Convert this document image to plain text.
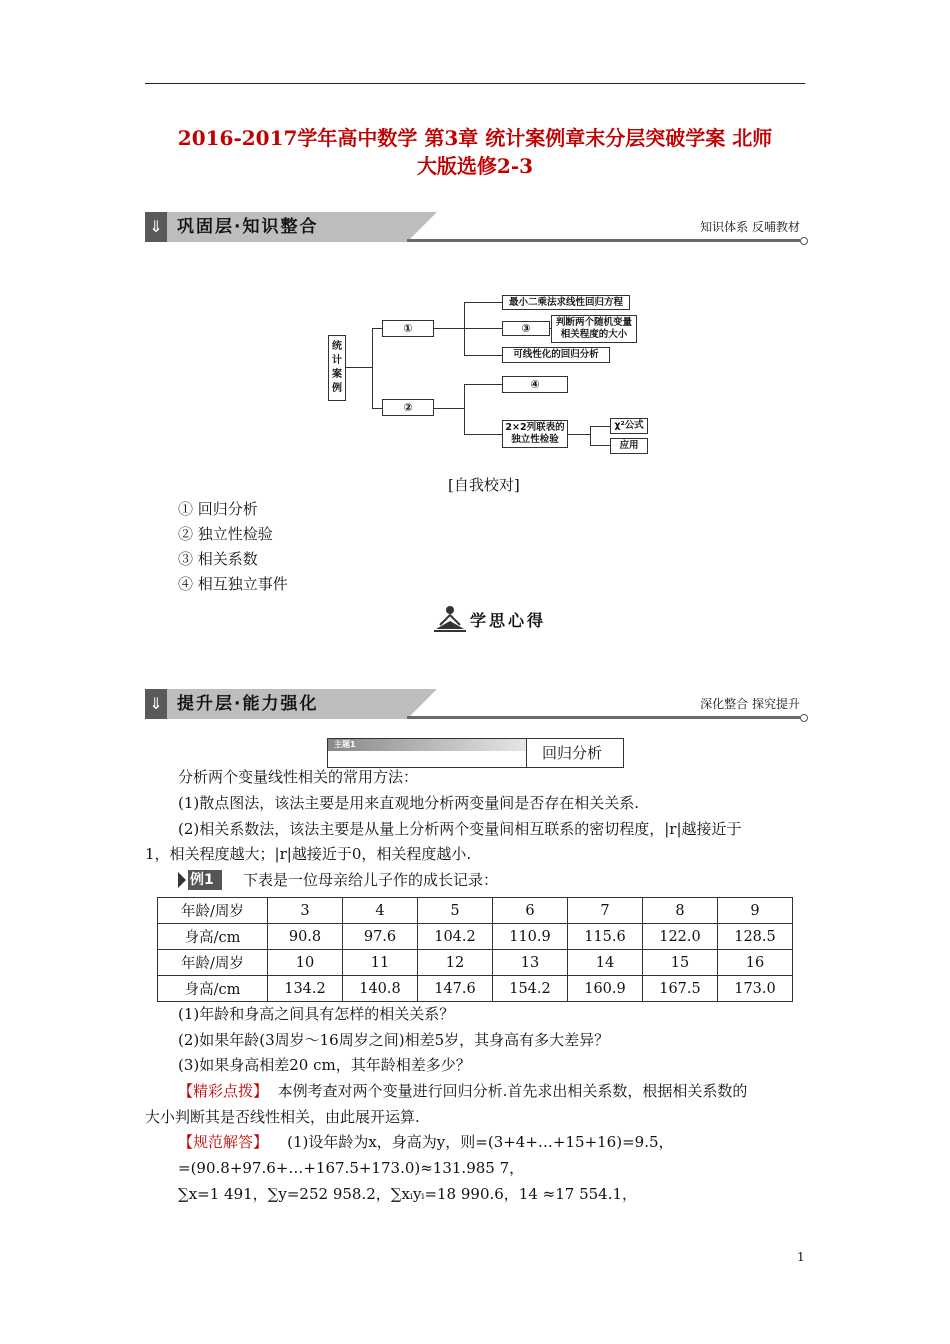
2016-2017学年高中数学 第3章 统计案例章末分层突破学案 北师
大版选修2-3
⇓ 巩固层·知识整合	知识体系 反哺教材
统计案例
①
②
最小二乘法求线性回归方程
③	判断两个随机变量
相关程度的大小
可线性化的回归分析
④
2×2列联表的
独立性检验
χ²公式
应用
[自我校对]
① 回归分析
② 独立性检验
③ 相关系数
④ 相互独立事件
学思心得
⇓ 提升层·能力强化	深化整合 探究提升
主题1	回归分析
分析两个变量线性相关的常用方法：
(1)散点图法，该法主要是用来直观地分析两变量间是否存在相关关系.
(2)相关系数法，该法主要是从量上分析两个变量间相互联系的密切程度，|r|越接近于
1，相关程度越大；|r|越接近于0，相关程度越小.
例1	下表是一位母亲给儿子作的成长记录：
年龄/周岁	3	4	5	6	7	8	9
身高/cm	90.8	97.6	104.2	110.9	115.6	122.0	128.5
年龄/周岁	10	11	12	13	14	15	16
身高/cm	134.2	140.8	147.6	154.2	160.9	167.5	173.0
(1)年龄和身高之间具有怎样的相关关系？
(2)如果年龄(3周岁～16周岁之间)相差5岁，其身高有多大差异？
(3)如果身高相差20 cm，其年龄相差多少？
【精彩点拨】 本例考查对两个变量进行回归分析.首先求出相关系数，根据相关系数的
大小判断其是否线性相关，由此展开运算.
【规范解答】 (1)设年龄为x，身高为y，则=(3+4+…+15+16)=9.5，
=(90.8+97.6+…+167.5+173.0)≈131.985 7，
∑x=1 491，∑y=252 958.2，∑xᵢyᵢ=18 990.6，14 ≈17 554.1，
1
